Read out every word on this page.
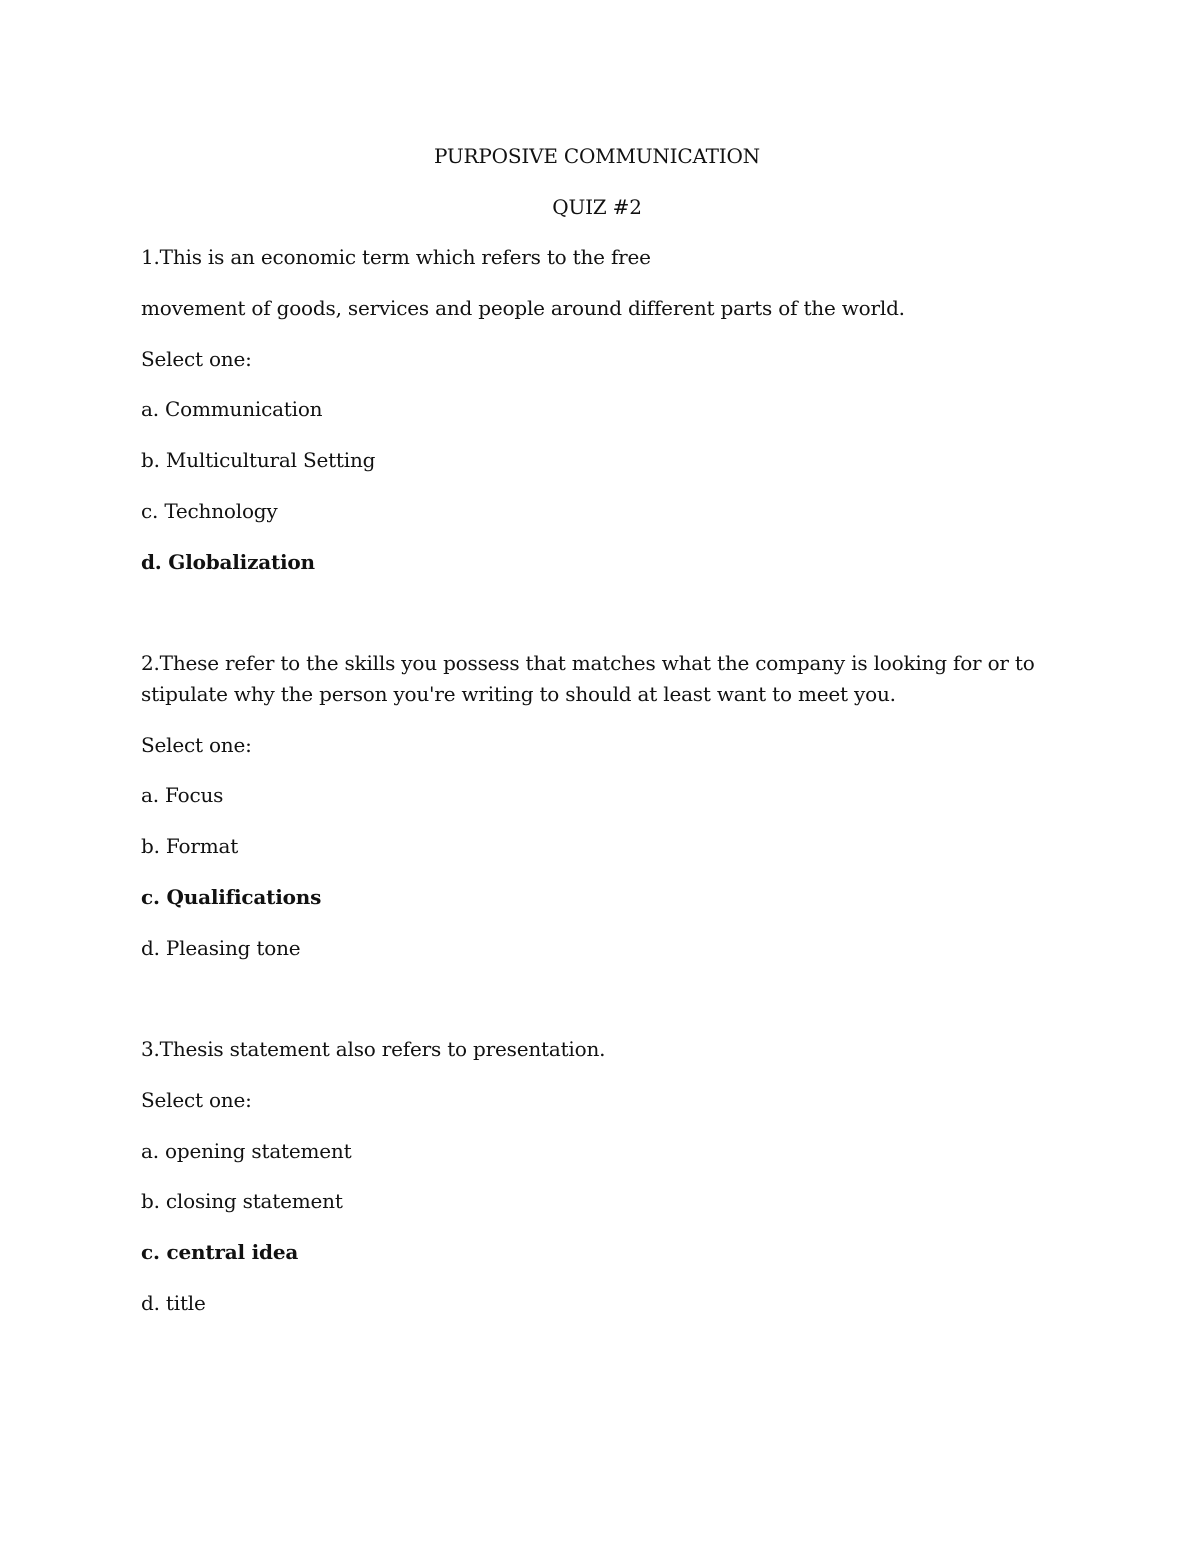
PURPOSIVE COMMUNICATION
QUIZ #2
1.This is an economic term which refers to the free
movement of goods, services and people around different parts of the world.
Select one:
a. Communication
b. Multicultural Setting
c. Technology
d. Globalization
2.These refer to the skills you possess that matches what the company is looking for or to
stipulate why the person you're writing to should at least want to meet you.
Select one:
a. Focus
b. Format
c. Qualifications
d. Pleasing tone
3.Thesis statement also refers to presentation.
Select one:
a. opening statement
b. closing statement
c. central idea
d. title
